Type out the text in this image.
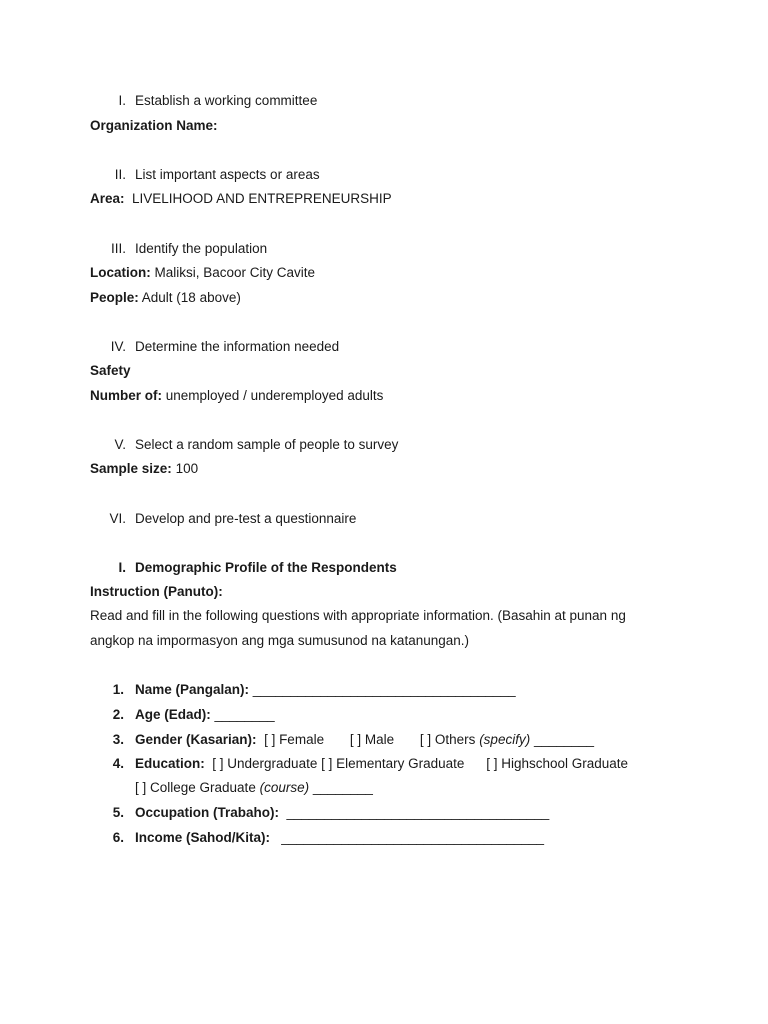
I. Establish a working committee
Organization Name:
II. List important aspects or areas
Area: LIVELIHOOD AND ENTREPRENEURSHIP
III. Identify the population
Location: Maliksi, Bacoor City Cavite
People: Adult (18 above)
IV. Determine the information needed
Safety
Number of: unemployed / underemployed adults
V. Select a random sample of people to survey
Sample size: 100
VI. Develop and pre-test a questionnaire
I. Demographic Profile of the Respondents
Instruction (Panuto):
Read and fill in the following questions with appropriate information. (Basahin at punan ng
angkop na impormasyon ang mga sumusunod na katanungan.)
1. Name (Pangalan): ___________________________________
2. Age (Edad): ________
3. Gender (Kasarian): [ ] Female [ ] Male [ ] Others (specify) ________
4. Education: [ ] Undergraduate [ ] Elementary Graduate [ ] Highschool Graduate
[ ] College Graduate (course) ________
5. Occupation (Trabaho): ___________________________________
6. Income (Sahod/Kita): ___________________________________
